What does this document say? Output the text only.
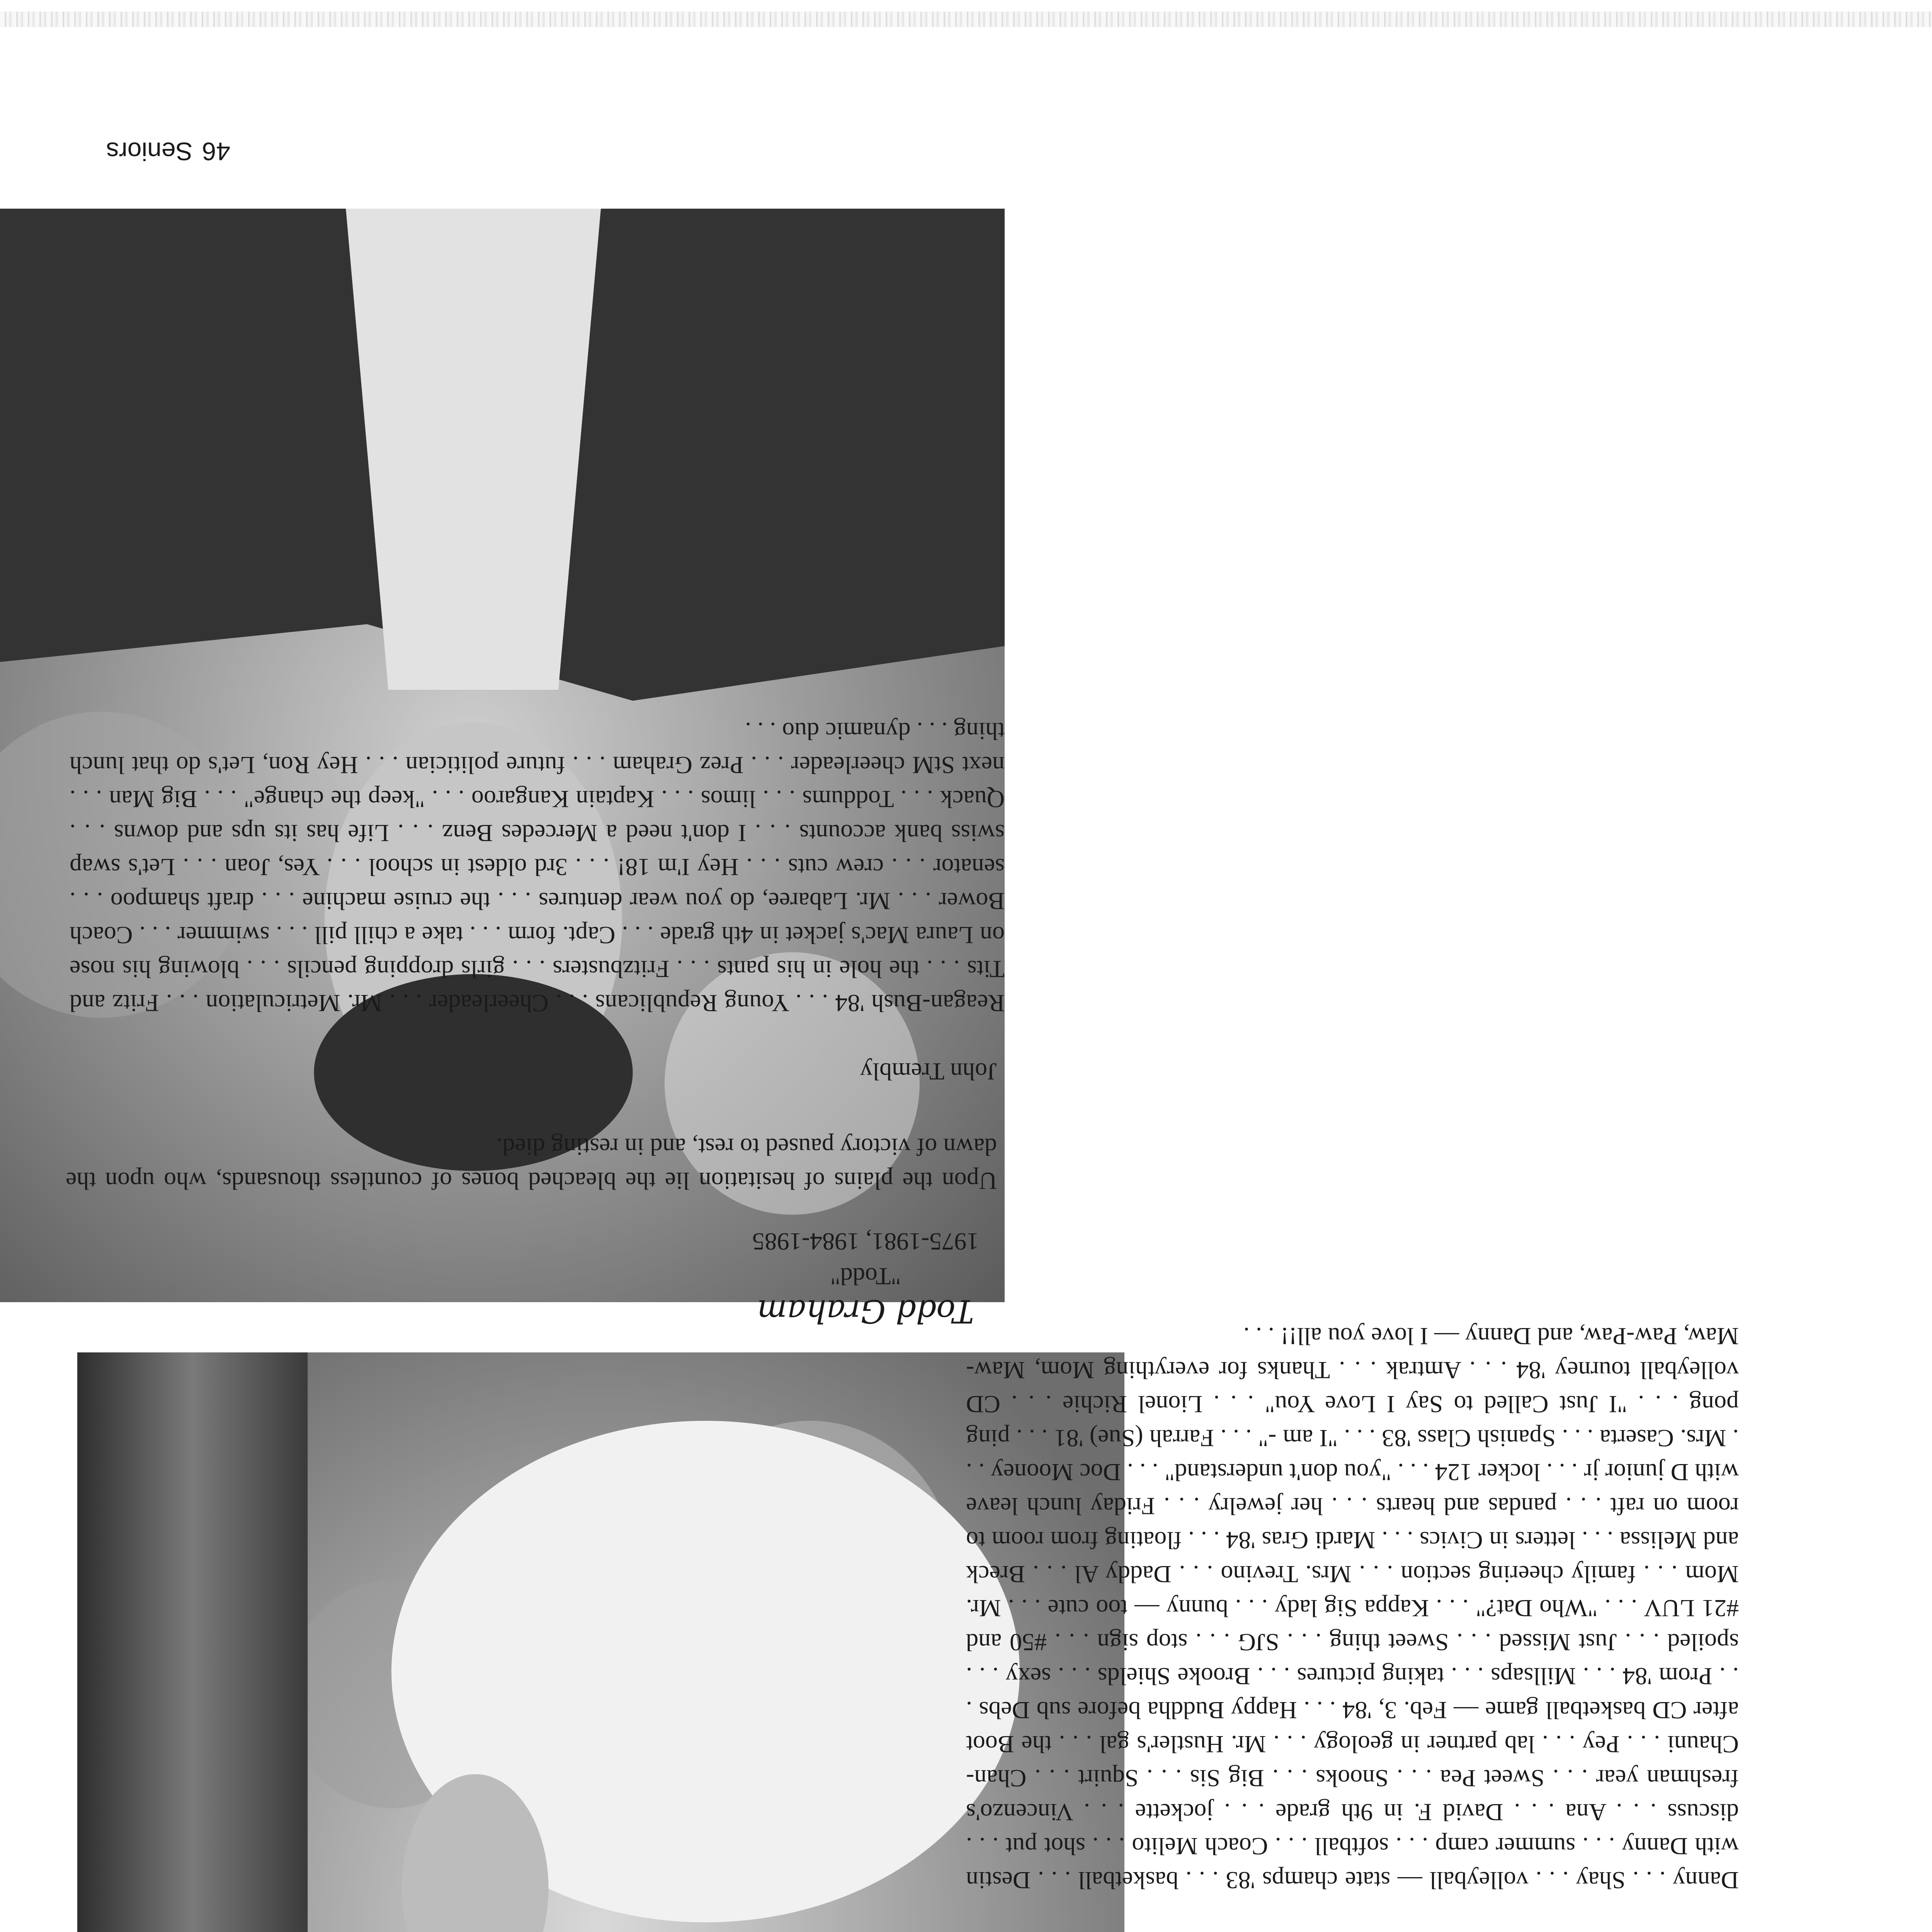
Danny . . . Shay . . . volleyball — state champs '83 . . . basketball . . . Destin with Danny . . . summer camp . . . softball . . . Coach Melito . . . shot put . . . discuss . . . Ana . . . David F. in 9th grade . . . jockette . . . Vincenzo's freshman year . . . Sweet Pea . . . Snooks . . . Big Sis . . . Squirt . . . Chan-Chauni . . . Pey . . . lab partner in geology . . . Mr. Hustler's gal . . . the Boot after CD basketball game — Feb. 3, '84 . . . Happy Buddha before sub Debs . . . Prom '84 . . . Millsaps . . . taking pictures . . . Brooke Shields . . . sexy . . . spoiled . . . Just Missed . . . Sweet thing . . . SJG . . . stop sign . . . #50 and #21 LUV . . . "Who Dat?" . . . Kappa Sig lady . . . bunny — too cute . . . Mr. Mom . . . family cheering section . . . Mrs. Trevino . . . Daddy Al . . . Breck and Melissa . . . letters in Civics . . . Mardi Gras '84 . . . floating from room to room on raft . . . pandas and hearts . . . her jewelry . . . Friday lunch leave with D junior jr . . . locker 124 . . . "you don't understand" . . . Doc Mooney . . . Mrs. Caserta . . . Spanish Class '83 . . . "I am -" . . . Farrah (Sue) '81 . . . ping pong . . . "I Just Called to Say I Love You" . . . Lionel Richie . . . CD volleyball tourney '84 . . . Amtrak . . . Thanks for everything Mom, Maw-Maw, Paw-Paw, and Danny — I love you all!! . . .
Todd Graham
"Todd"
1975-1981, 1984-1985
Upon the plains of hesitation lie the bleached bones of countless thousands, who upon the dawn of victory paused to rest, and in resting died.
John Trembly
Reagan-Bush '84 . . . Young Republicans . . . Cheerleader . . . Mr. Metriculation . . . Fritz and Tits . . . the hole in his pants . . . Fritzbusters . . . girls dropping pencils . . . blowing his nose on Laura Mac's jacket in 4th grade . . . Capt. form . . . take a chill pill . . . swimmer . . . Coach Bower . . . Mr. Labaree, do you wear dentures . . . the cruise machine . . . draft shampoo . . . senator . . . crew cuts . . . Hey I'm 18! . . . 3rd oldest in school . . . Yes, Joan . . . Let's swap swiss bank accounts . . . I don't need a Mercedes Benz . . . Life has its ups and downs . . . Quack . . . Toddums . . . limos . . . Kaptain Kangaroo . . . "keep the change" . . . Big Man . . . next StM cheerleader . . . Prez Graham . . . future politician . . . Hey Ron, Let's do that lunch thing . . . dynamic duo . . .
46Seniors
